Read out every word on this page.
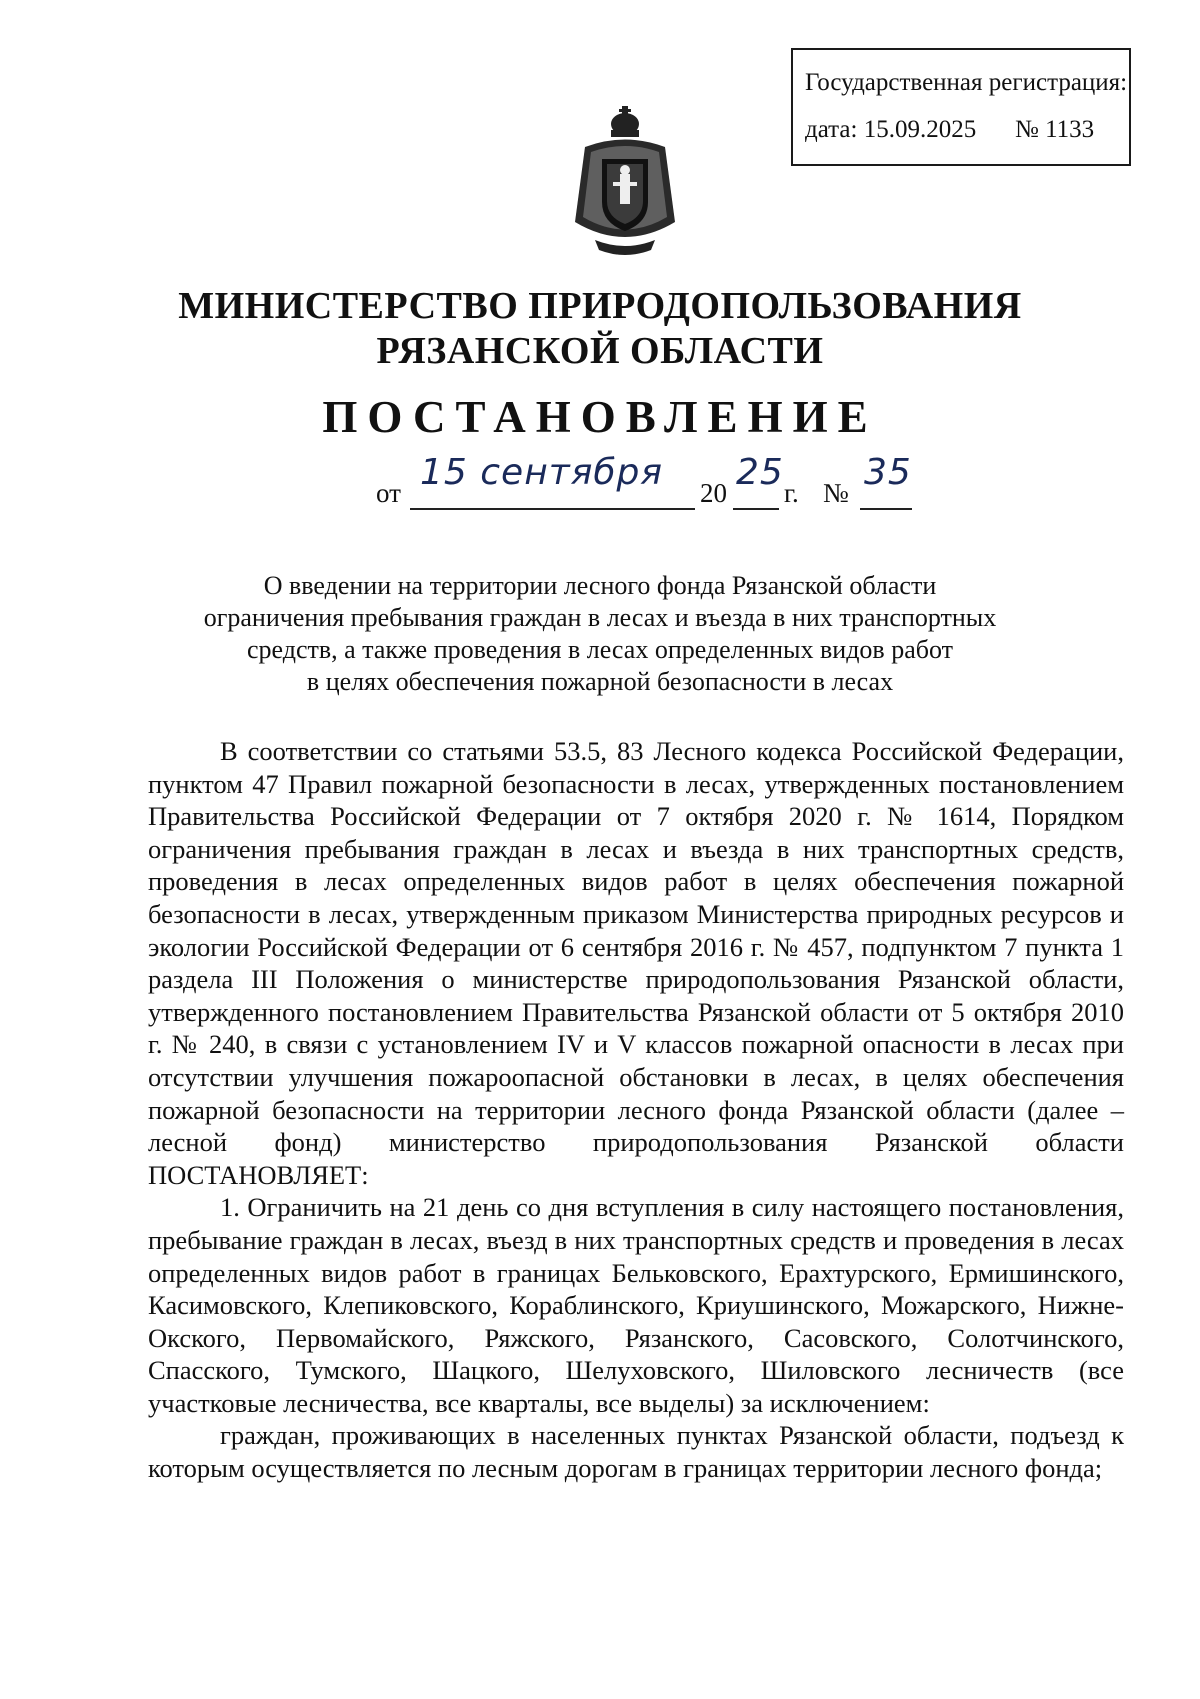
Государственная регистрация:
дата: 15.09.2025 № 1133
МИНИСТЕРСТВО ПРИРОДОПОЛЬЗОВАНИЯ
РЯЗАНСКОЙ ОБЛАСТИ
ПОСТАНОВЛЕНИЕ
от 15 сентября 20 25 г. № 35
О введении на территории лесного фонда Рязанской области
ограничения пребывания граждан в лесах и въезда в них транспортных
средств, а также проведения в лесах определенных видов работ
в целях обеспечения пожарной безопасности в лесах

В соответствии со статьями 53.5, 83 Лесного кодекса Российской Федерации, пунктом 47 Правил пожарной безопасности в лесах, утвержденных постановлением Правительства Российской Федерации от 7 октября 2020 г. № 1614, Порядком ограничения пребывания граждан в лесах и въезда в них транспортных средств, проведения в лесах определенных видов работ в целях обеспечения пожарной безопасности в лесах, утвержденным приказом Министерства природных ресурсов и экологии Российской Федерации от 6 сентября 2016 г. № 457, подпунктом 7 пункта 1 раздела III Положения о министерстве природопользования Рязанской области, утвержденного постановлением Правительства Рязанской области от 5 октября 2010 г. № 240, в связи с установлением IV и V классов пожарной опасности в лесах при отсутствии улучшения пожароопасной обстановки в лесах, в целях обеспечения пожарной безопасности на территории лесного фонда Рязанской области (далее – лесной фонд) министерство природопользования Рязанской области ПОСТАНОВЛЯЕТ:

1. Ограничить на 21 день со дня вступления в силу настоящего постановления, пребывание граждан в лесах, въезд в них транспортных средств и проведения в лесах определенных видов работ в границах Бельковского, Ерахтурского, Ермишинского, Касимовского, Клепиковского, Кораблинского, Криушинского, Можарского, Нижне-Окского, Первомайского, Ряжского, Рязанского, Сасовского, Солотчинского, Спасского, Тумского, Шацкого, Шелуховского, Шиловского лесничеств (все участковые лесничества, все кварталы, все выделы) за исключением:

граждан, проживающих в населенных пунктах Рязанской области, подъезд к которым осуществляется по лесным дорогам в границах территории лесного фонда;
